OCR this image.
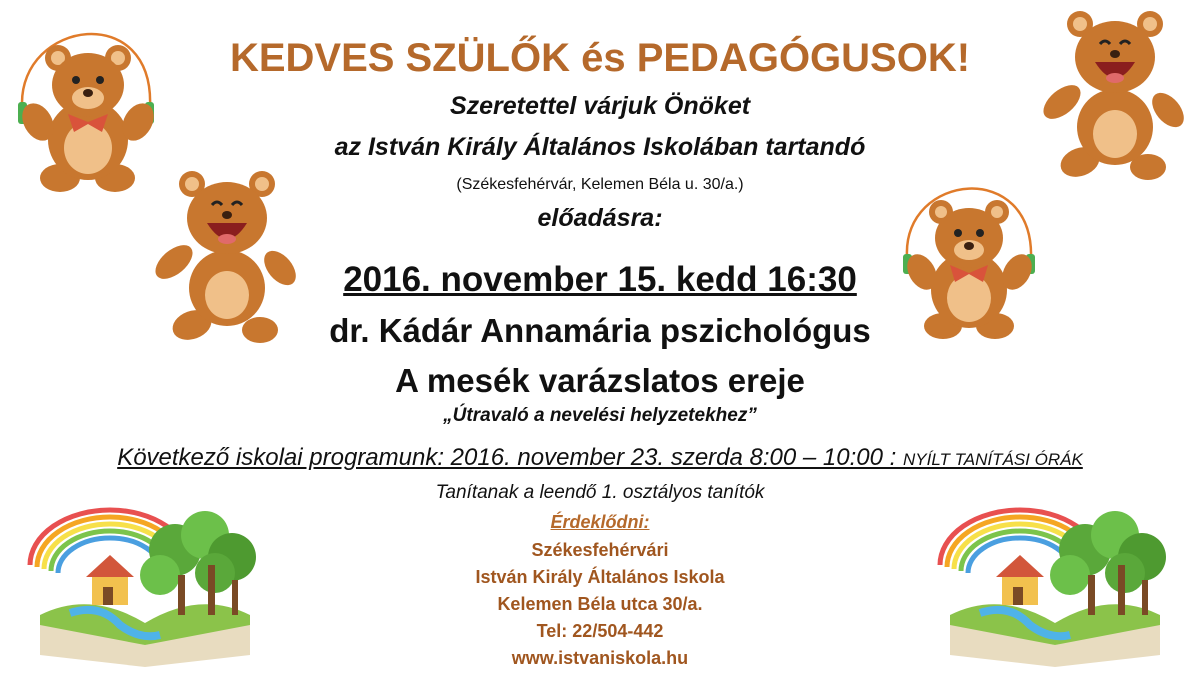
KEDVES SZÜLŐK és PEDAGÓGUSOK!
Szeretettel várjuk Önöket
az István Király Általános Iskolában tartandó
(Székesfehérvár, Kelemen Béla u. 30/a.)
előadásra:
2016. november 15. kedd 16:30
dr. Kádár Annamária pszichológus
A mesék varázslatos ereje
„Útravaló a nevelési helyzetekhez”
Következő iskolai programunk: 2016. november 23. szerda 8:00 – 10:00 : NYÍLT TANÍTÁSI ÓRÁK
Tanítanak a leendő 1. osztályos tanítók
Érdeklődni:
Székesfehérvári
István Király Általános Iskola
Kelemen Béla utca 30/a.
Tel: 22/504-442
www.istvaniskola.hu
